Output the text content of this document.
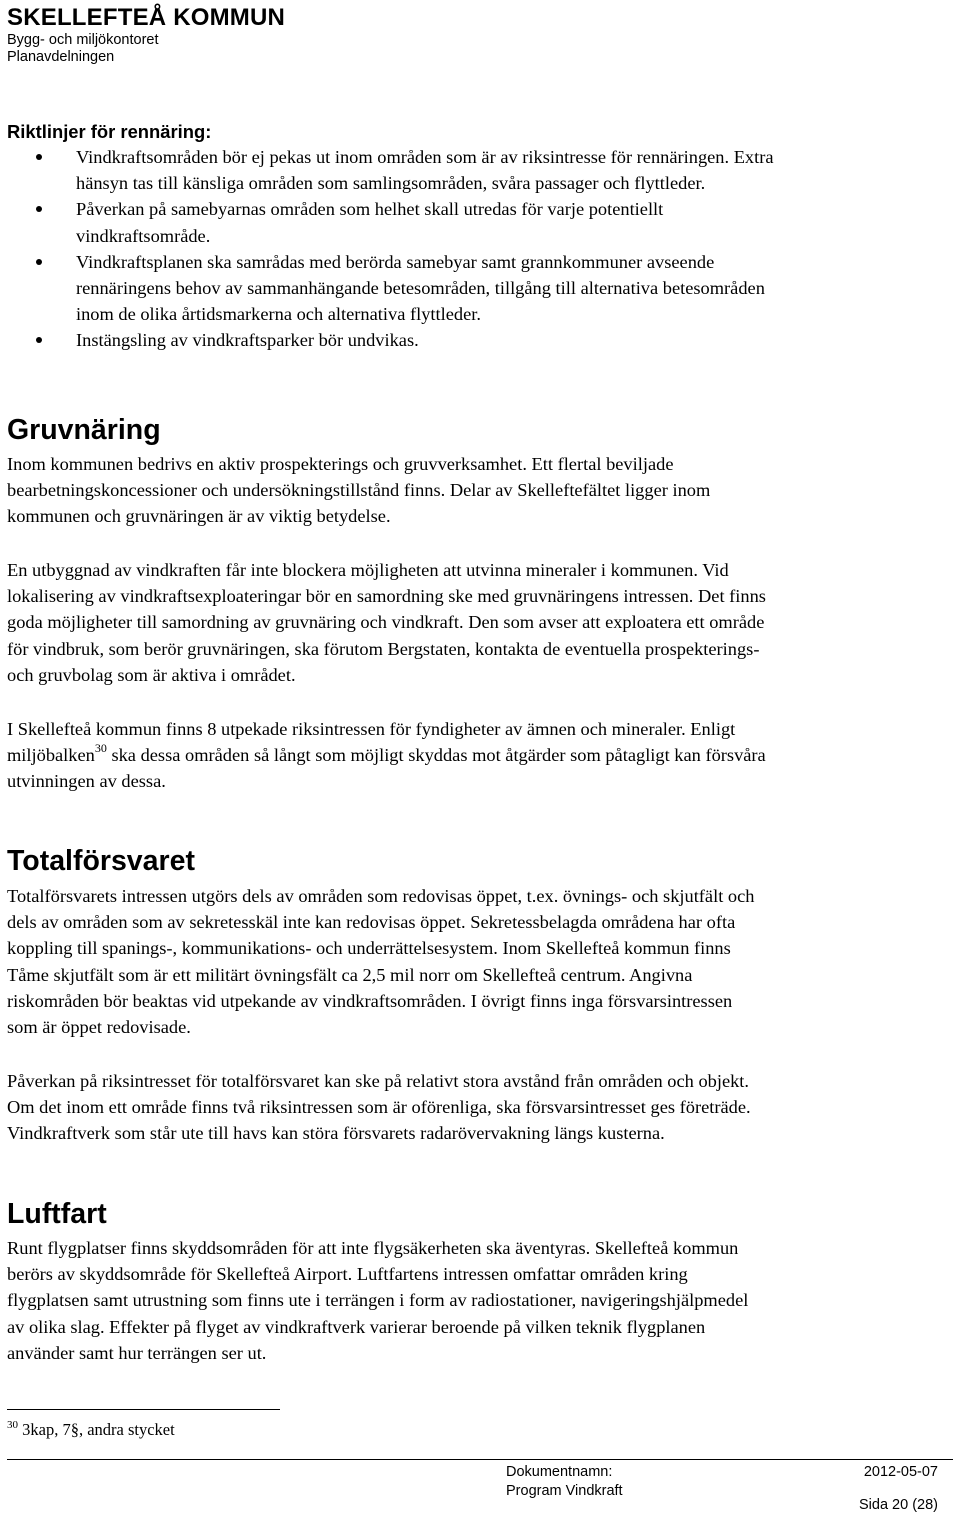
SKELLEFTEÅ KOMMUN
Bygg- och miljökontoret
Planavdelningen
Riktlinjer för rennäring:
Vindkraftsområden bör ej pekas ut inom områden som är av riksintresse för rennäringen. Extra
hänsyn tas till känsliga områden som samlingsområden, svåra passager och flyttleder.
Påverkan på samebyarnas områden som helhet skall utredas för varje potentiellt
vindkraftsområde.
Vindkraftsplanen ska samrådas med berörda samebyar samt grannkommuner avseende
rennäringens behov av sammanhängande betesområden, tillgång till alternativa betesområden
inom de olika årtidsmarkerna och alternativa flyttleder.
Instängsling av vindkraftsparker bör undvikas.
Gruvnäring
Inom kommunen bedrivs en aktiv prospekterings och gruvverksamhet. Ett flertal beviljade
bearbetningskoncessioner och undersökningstillstånd finns. Delar av Skelleftefältet ligger inom
kommunen och gruvnäringen är av viktig betydelse.
En utbyggnad av vindkraften får inte blockera möjligheten att utvinna mineraler i kommunen. Vid
lokalisering av vindkraftsexploateringar bör en samordning ske med gruvnäringens intressen. Det finns
goda möjligheter till samordning av gruvnäring och vindkraft. Den som avser att exploatera ett område
för vindbruk, som berör gruvnäringen, ska förutom Bergstaten, kontakta de eventuella prospekterings-
och gruvbolag som är aktiva i området.
I Skellefteå kommun finns 8 utpekade riksintressen för fyndigheter av ämnen och mineraler. Enligt
miljöbalken$^{30}$ ska dessa områden så långt som möjligt skyddas mot åtgärder som påtagligt kan försvåra
utvinningen av dessa.
Totalförsvaret
Totalförsvarets intressen utgörs dels av områden som redovisas öppet, t.ex. övnings- och skjutfält och
dels av områden som av sekretesskäl inte kan redovisas öppet. Sekretessbelagda områdena har ofta
koppling till spanings-, kommunikations- och underrättelsesystem. Inom Skellefteå kommun finns
Tåme skjutfält som är ett militärt övningsfält ca 2,5 mil norr om Skellefteå centrum. Angivna
riskområden bör beaktas vid utpekande av vindkraftsområden. I övrigt finns inga försvarsintressen
som är öppet redovisade.
Påverkan på riksintresset för totalförsvaret kan ske på relativt stora avstånd från områden och objekt.
Om det inom ett område finns två riksintressen som är oförenliga, ska försvarsintresset ges företräde.
Vindkraftverk som står ute till havs kan störa försvarets radarövervakning längs kusterna.
Luftfart
Runt flygplatser finns skyddsområden för att inte flygsäkerheten ska äventyras. Skellefteå kommun
berörs av skyddsområde för Skellefteå Airport. Luftfartens intressen omfattar områden kring
flygplatsen samt utrustning som finns ute i terrängen i form av radiostationer, navigeringshjälpmedel
av olika slag. Effekter på flyget av vindkraftverk varierar beroende på vilken teknik flygplanen
använder samt hur terrängen ser ut.
$^{30}$ 3kap, 7§, andra stycket
Dokumentnamn:
Program Vindkraft
2012-05-07
Sida 20 (28)
